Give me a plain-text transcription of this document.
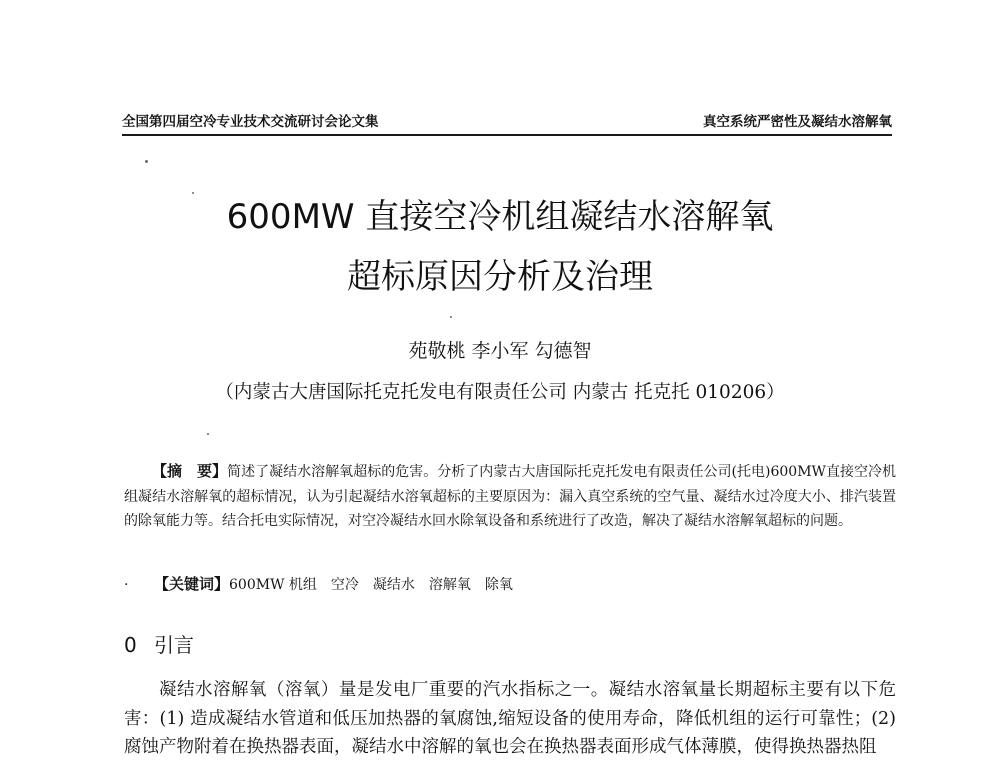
全国第四届空冷专业技术交流研讨会论文集	真空系统严密性及凝结水溶解氧
600MW 直接空冷机组凝结水溶解氧
超标原因分析及治理
苑敬桃 李小军 勾德智
（内蒙古大唐国际托克托发电有限责任公司 内蒙古 托克托 010206）
【摘　要】简述了凝结水溶解氧超标的危害。分析了内蒙古大唐国际托克托发电有限责任公司(托电)600MW直接空冷机组凝结水溶解氧的超标情况，认为引起凝结水溶氧超标的主要原因为：漏入真空系统的空气量、凝结水过冷度大小、排汽装置的除氧能力等。结合托电实际情况，对空冷凝结水回水除氧设备和系统进行了改造，解决了凝结水溶解氧超标的问题。
· 【关键词】600MW 机组　空冷　凝结水　溶解氧　除氧
0 引言
凝结水溶解氧（溶氧）量是发电厂重要的汽水指标之一。凝结水溶氧量长期超标主要有以下危害：(1) 造成凝结水管道和低压加热器的氧腐蚀,缩短设备的使用寿命，降低机组的运行可靠性；(2) 腐蚀产物附着在换热器表面，凝结水中溶解的氧也会在换热器表面形成气体薄膜，使得换热器热阻
